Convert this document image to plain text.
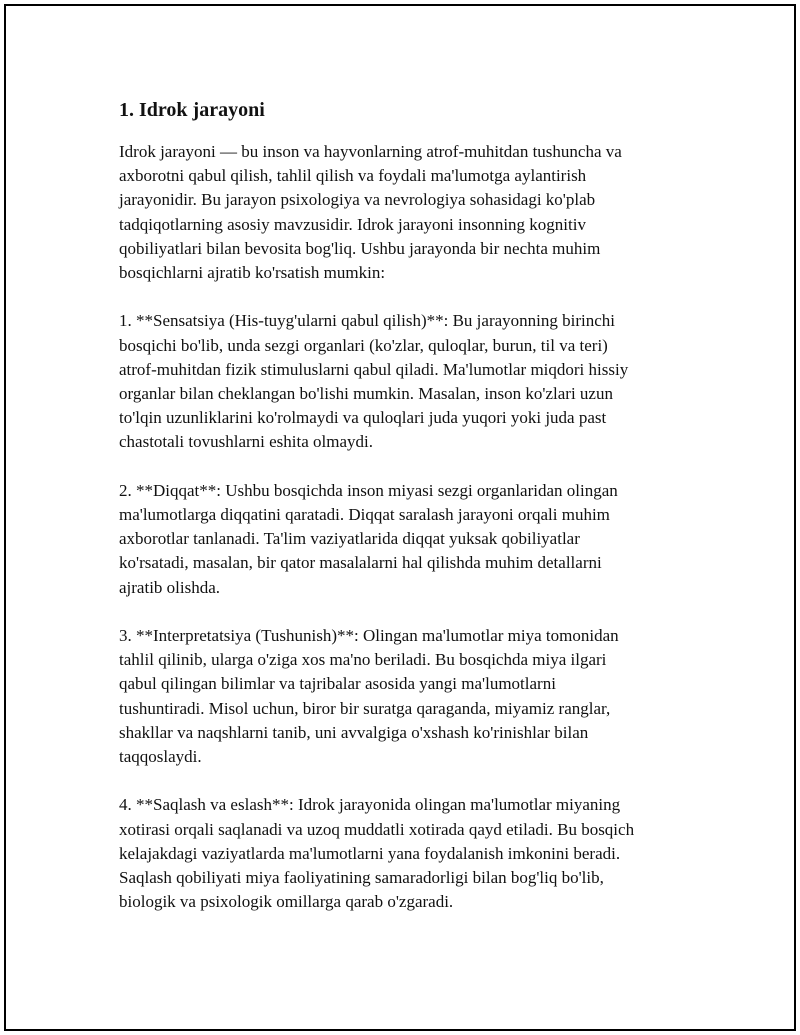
1. Idrok jarayoni

Idrok jarayoni — bu inson va hayvonlarning atrof-muhitdan tushuncha va
axborotni qabul qilish, tahlil qilish va foydali ma'lumotga aylantirish
jarayonidir. Bu jarayon psixologiya va nevrologiya sohasidagi ko'plab
tadqiqotlarning asosiy mavzusidir. Idrok jarayoni insonning kognitiv
qobiliyatlari bilan bevosita bog'liq. Ushbu jarayonda bir nechta muhim
bosqichlarni ajratib ko'rsatish mumkin:

1. **Sensatsiya (His-tuyg'ularni qabul qilish)**: Bu jarayonning birinchi
bosqichi bo'lib, unda sezgi organlari (ko'zlar, quloqlar, burun, til va teri)
atrof-muhitdan fizik stimuluslarni qabul qiladi. Ma'lumotlar miqdori hissiy
organlar bilan cheklangan bo'lishi mumkin. Masalan, inson ko'zlari uzun
to'lqin uzunliklarini ko'rolmaydi va quloqlari juda yuqori yoki juda past
chastotali tovushlarni eshita olmaydi.

2. **Diqqat**: Ushbu bosqichda inson miyasi sezgi organlaridan olingan
ma'lumotlarga diqqatini qaratadi. Diqqat saralash jarayoni orqali muhim
axborotlar tanlanadi. Ta'lim vaziyatlarida diqqat yuksak qobiliyatlar
ko'rsatadi, masalan, bir qator masalalarni hal qilishda muhim detallarni
ajratib olishda.

3. **Interpretatsiya (Tushunish)**: Olingan ma'lumotlar miya tomonidan
tahlil qilinib, ularga o'ziga xos ma'no beriladi. Bu bosqichda miya ilgari
qabul qilingan bilimlar va tajribalar asosida yangi ma'lumotlarni
tushuntiradi. Misol uchun, biror bir suratga qaraganda, miyamiz ranglar,
shakllar va naqshlarni tanib, uni avvalgiga o'xshash ko'rinishlar bilan
taqqoslaydi.

4. **Saqlash va eslash**: Idrok jarayonida olingan ma'lumotlar miyaning
xotirasi orqali saqlanadi va uzoq muddatli xotirada qayd etiladi. Bu bosqich
kelajakdagi vaziyatlarda ma'lumotlarni yana foydalanish imkonini beradi.
Saqlash qobiliyati miya faoliyatining samaradorligi bilan bog'liq bo'lib,
biologik va psixologik omillarga qarab o'zgaradi.
